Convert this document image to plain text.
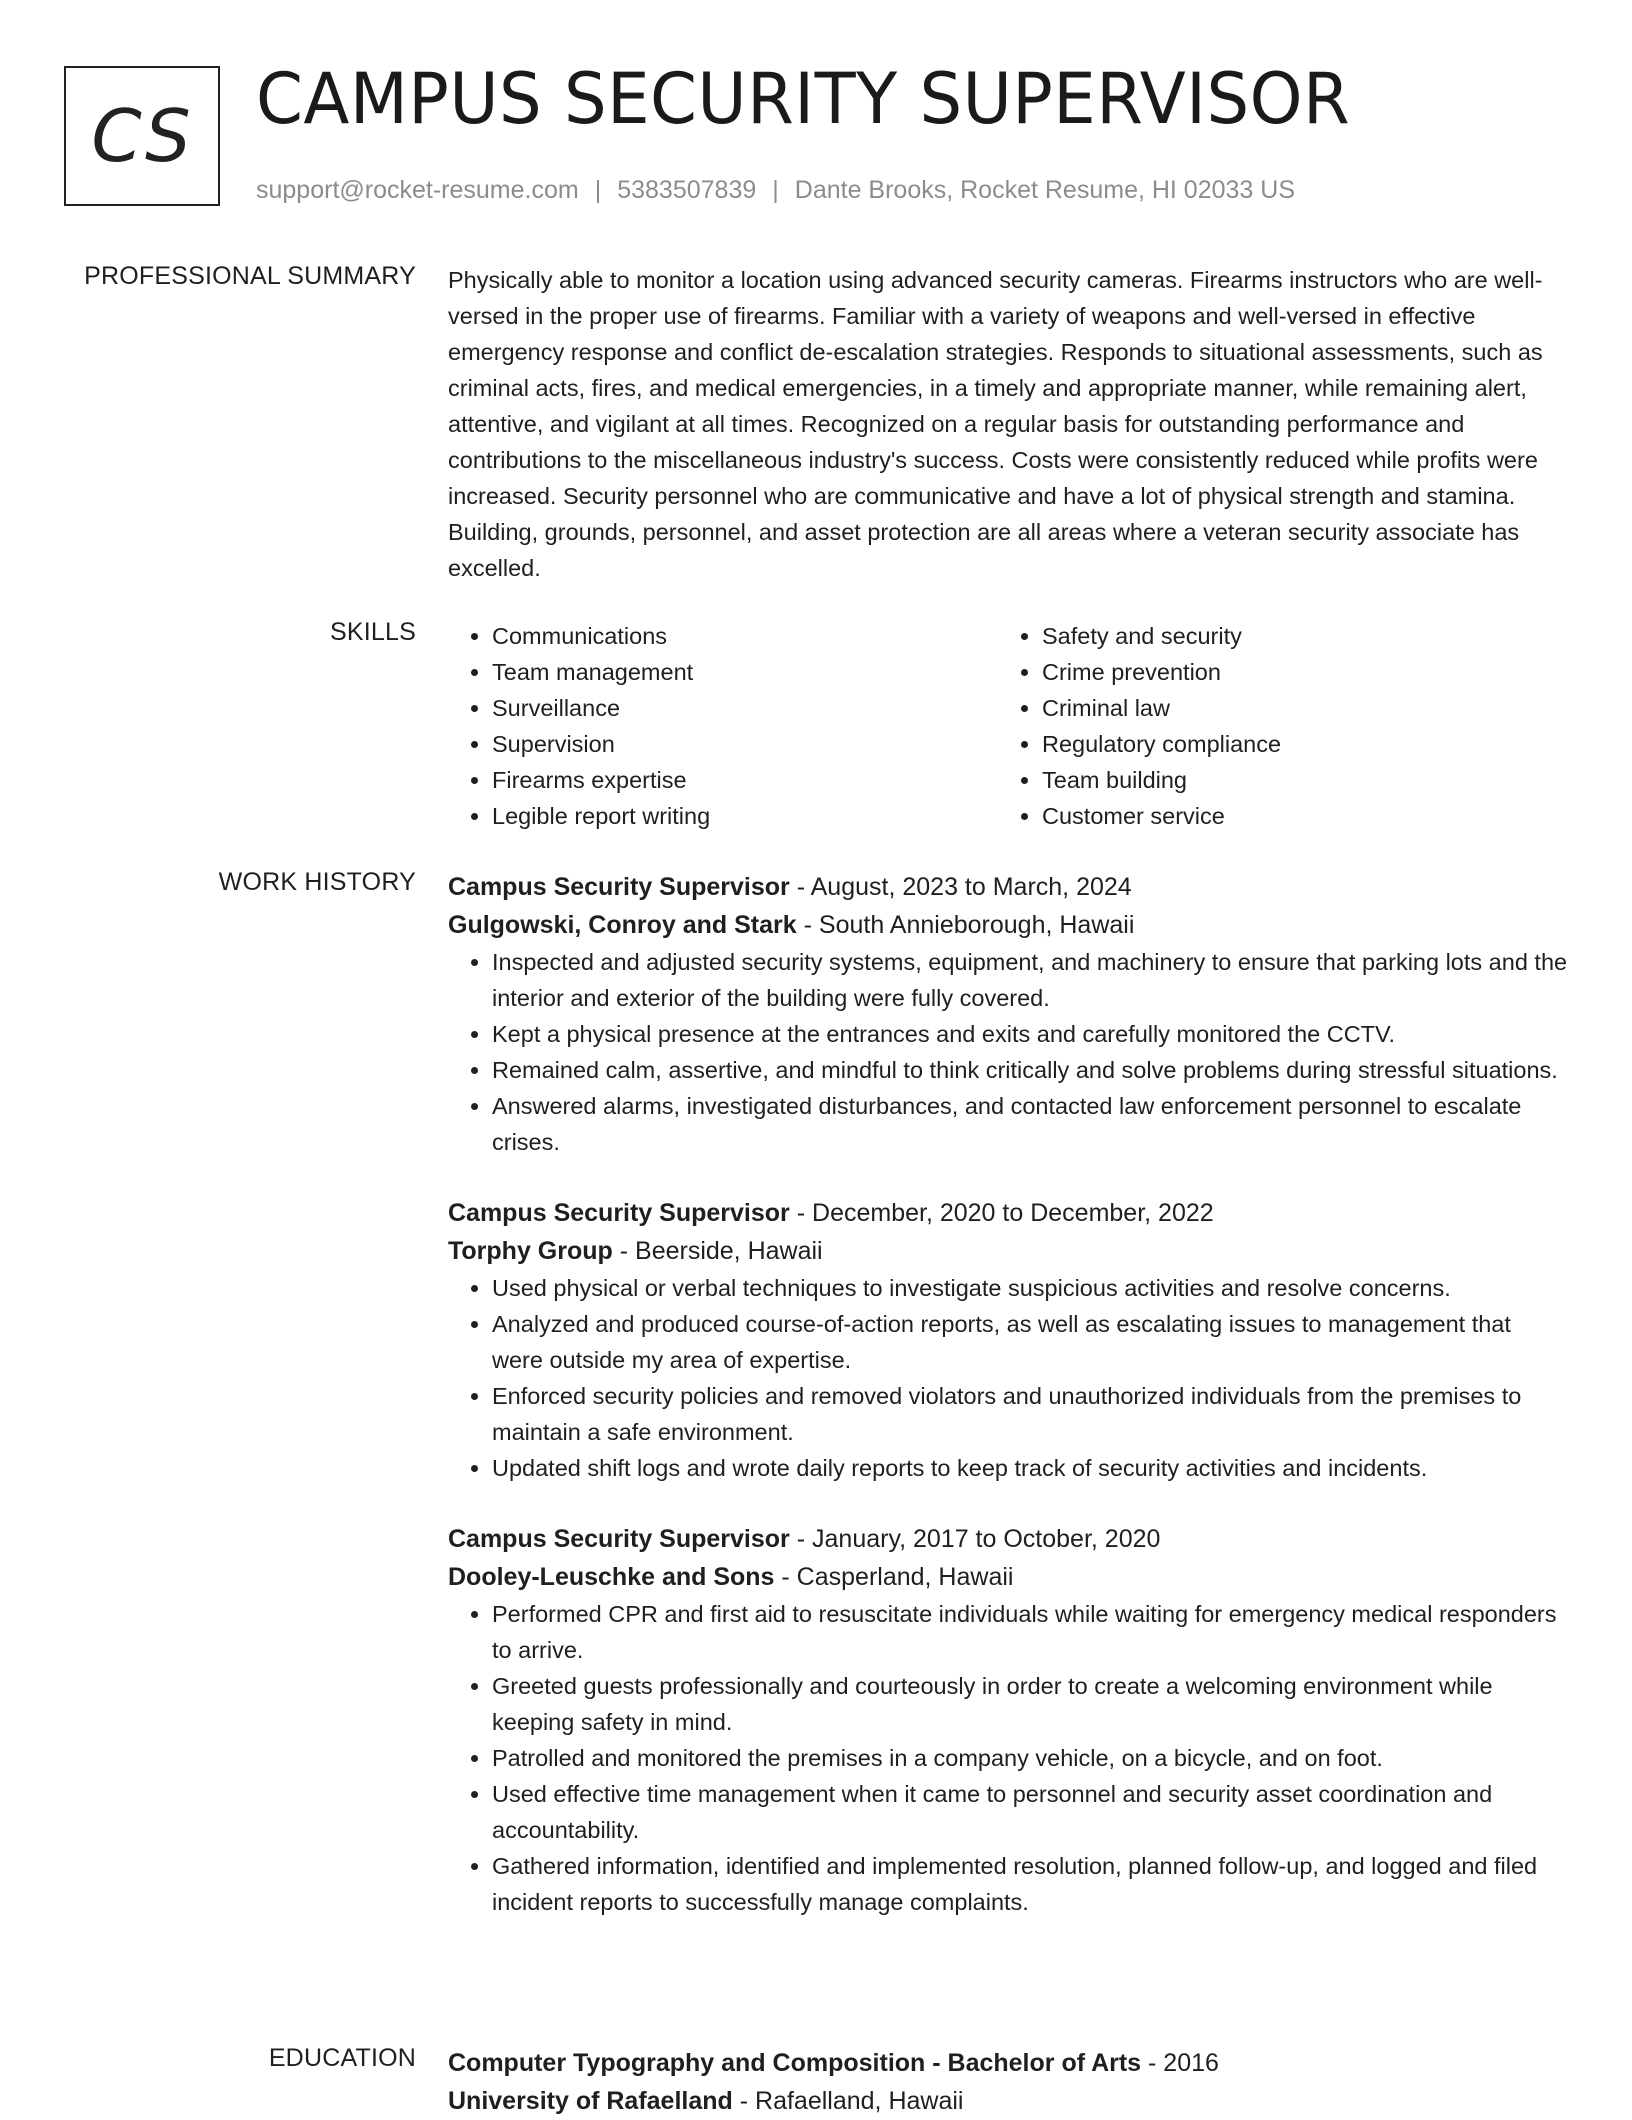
CS CAMPUS SECURITY SUPERVISOR
support@rocket-resume.com | 5383507839 | Dante Brooks, Rocket Resume, HI 02033 US
PROFESSIONAL SUMMARY Physically able to monitor a location using advanced security cameras. Firearms instructors who are well-versed in the proper use of firearms. Familiar with a variety of weapons and well-versed in effective emergency response and conflict de-escalation strategies. Responds to situational assessments, such as criminal acts, fires, and medical emergencies, in a timely and appropriate manner, while remaining alert, attentive, and vigilant at all times. Recognized on a regular basis for outstanding performance and contributions to the miscellaneous industry's success. Costs were consistently reduced while profits were increased. Security personnel who are communicative and have a lot of physical strength and stamina. Building, grounds, personnel, and asset protection are all areas where a veteran security associate has excelled.

SKILLS
•	Communications
• Team management
• Surveillance
• Supervision
• Firearms expertise
• Legible report writing
• Safety and security
• Crime prevention
• Criminal law
• Regulatory compliance
• Team building
• Customer service
WORK HISTORY Campus Security Supervisor - August, 2023 to March, 2024
Gulgowski, Conroy and Stark - South Annieborough, Hawaii
• Inspected and adjusted security systems, equipment, and machinery to ensure that parking lots and the interior and exterior of the building were fully covered.
• Kept a physical presence at the entrances and exits and carefully monitored the CCTV.
• Remained calm, assertive, and mindful to think critically and solve problems during stressful situations.
• Answered alarms, investigated disturbances, and contacted law enforcement personnel to escalate crises.
Campus Security Supervisor - December, 2020 to December, 2022
Torphy Group - Beerside, Hawaii
• Used physical or verbal techniques to investigate suspicious activities and resolve concerns.
• Analyzed and produced course-of-action reports, as well as escalating issues to management that were outside my area of expertise.
• Enforced security policies and removed violators and unauthorized individuals from the premises to maintain a safe environment.
• Updated shift logs and wrote daily reports to keep track of security activities and incidents.
Campus Security Supervisor - January, 2017 to October, 2020
Dooley-Leuschke and Sons - Casperland, Hawaii
• Performed CPR and first aid to resuscitate individuals while waiting for emergency medical responders to arrive.
• Greeted guests professionally and courteously in order to create a welcoming environment while keeping safety in mind.
• Patrolled and monitored the premises in a company vehicle, on a bicycle, and on foot.
• Used effective time management when it came to personnel and security asset coordination and accountability.
• Gathered information, identified and implemented resolution, planned follow-up, and logged and filed incident reports to successfully manage complaints.
EDUCATION Computer Typography and Composition - Bachelor of Arts - 2016
University of Rafaelland - Rafaelland, Hawaii
